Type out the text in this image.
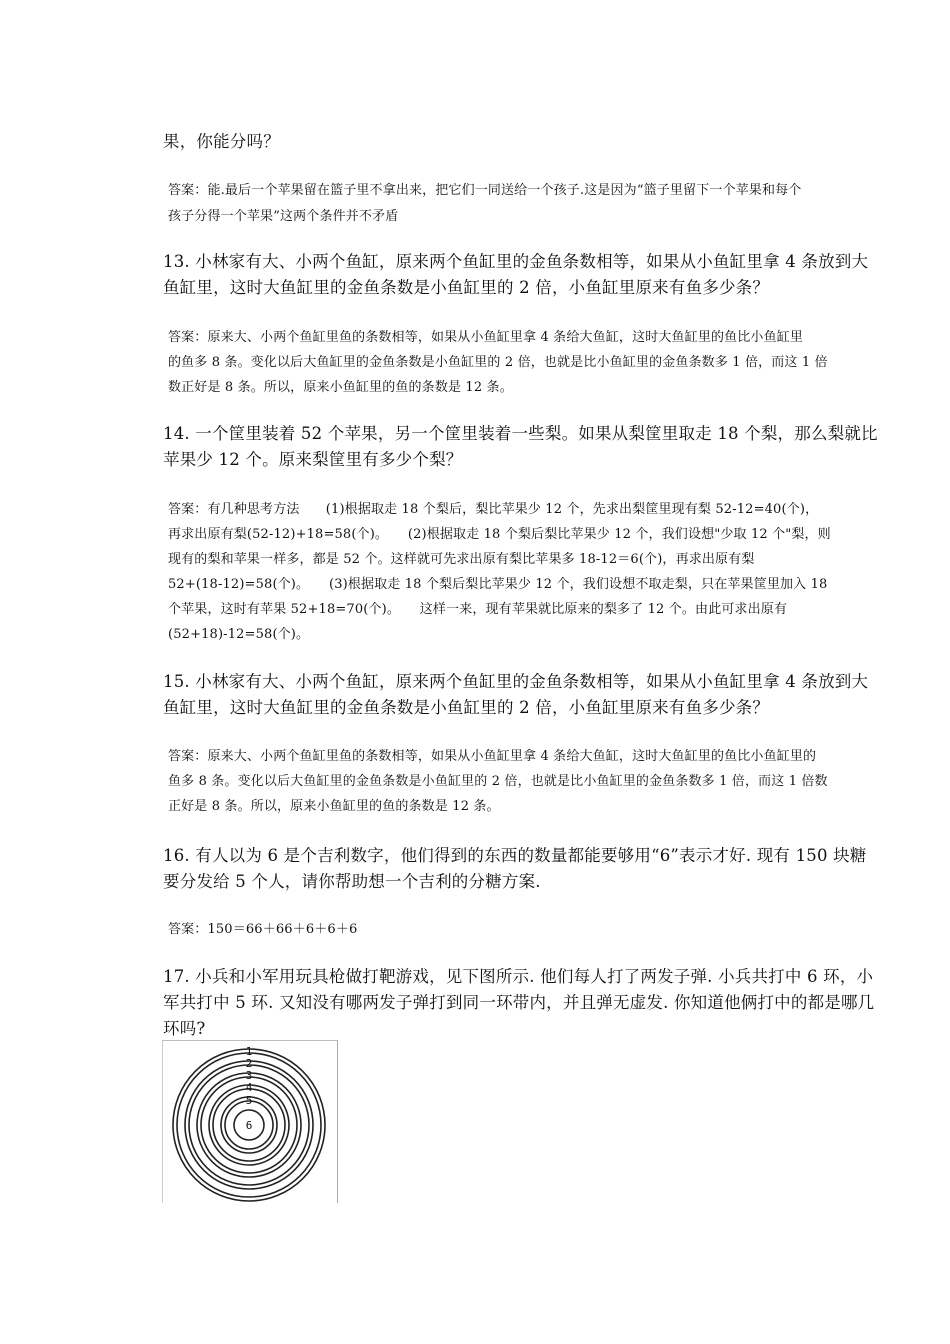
果，你能分吗？
答案：能.最后一个苹果留在篮子里不拿出来，把它们一同送给一个孩子.这是因为“篮子里留下一个苹果和每个
孩子分得一个苹果”这两个条件并不矛盾
13. 小林家有大、小两个鱼缸，原来两个鱼缸里的金鱼条数相等，如果从小鱼缸里拿 4 条放到大
鱼缸里，这时大鱼缸里的金鱼条数是小鱼缸里的 2 倍，小鱼缸里原来有鱼多少条？
答案：原来大、小两个鱼缸里鱼的条数相等，如果从小鱼缸里拿 4 条给大鱼缸，这时大鱼缸里的鱼比小鱼缸里
的鱼多 8 条。变化以后大鱼缸里的金鱼条数是小鱼缸里的 2 倍，也就是比小鱼缸里的金鱼条数多 1 倍，而这 1 倍
数正好是 8 条。所以，原来小鱼缸里的鱼的条数是 12 条。
14. 一个筐里装着 52 个苹果，另一个筐里装着一些梨。如果从梨筐里取走 18 个梨，那么梨就比
苹果少 12 个。原来梨筐里有多少个梨？
答案：有几种思考方法　　(1)根据取走 18 个梨后，梨比苹果少 12 个，先求出梨筐里现有梨 52-12=40(个)，
再求出原有梨(52-12)+18=58(个)。　　(2)根据取走 18 个梨后梨比苹果少 12 个，我们设想"少取 12 个"梨，则
现有的梨和苹果一样多，都是 52 个。这样就可先求出原有梨比苹果多 18-12＝6(个)，再求出原有梨
52+(18-12)=58(个)。　　(3)根据取走 18 个梨后梨比苹果少 12 个，我们设想不取走梨，只在苹果筐里加入 18
个苹果，这时有苹果 52+18=70(个)。　　这样一来，现有苹果就比原来的梨多了 12 个。由此可求出原有
(52+18)-12=58(个)。
15. 小林家有大、小两个鱼缸，原来两个鱼缸里的金鱼条数相等，如果从小鱼缸里拿 4 条放到大
鱼缸里，这时大鱼缸里的金鱼条数是小鱼缸里的 2 倍，小鱼缸里原来有鱼多少条？
答案：原来大、小两个鱼缸里鱼的条数相等，如果从小鱼缸里拿 4 条给大鱼缸，这时大鱼缸里的鱼比小鱼缸里的
鱼多 8 条。变化以后大鱼缸里的金鱼条数是小鱼缸里的 2 倍，也就是比小鱼缸里的金鱼条数多 1 倍，而这 1 倍数
正好是 8 条。所以，原来小鱼缸里的鱼的条数是 12 条。
16. 有人以为 6 是个吉利数字，他们得到的东西的数量都能要够用“6”表示才好. 现有 150 块糖
要分发给 5 个人，请你帮助想一个吉利的分糖方案.
答案：150＝66＋66＋6＋6＋6
17. 小兵和小军用玩具枪做打靶游戏，见下图所示. 他们每人打了两发子弹. 小兵共打中 6 环，小
军共打中 5 环. 又知没有哪两发子弹打到同一环带内，并且弹无虚发. 你知道他俩打中的都是哪几
环吗?
1
2
3
4
5
6
